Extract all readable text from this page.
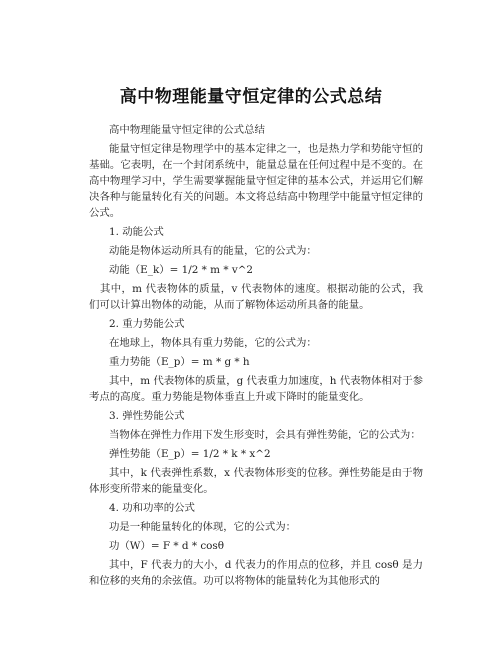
高中物理能量守恒定律的公式总结

高中物理能量守恒定律的公式总结

能量守恒定律是物理学中的基本定律之一，也是热力学和势能守恒的基础。它表明，在一个封闭系统中，能量总量在任何过程中是不变的。在高中物理学习中，学生需要掌握能量守恒定律的基本公式，并运用它们解决各种与能量转化有关的问题。本文将总结高中物理学中能量守恒定律的公式。

1. 动能公式

动能是物体运动所具有的能量，它的公式为：

动能（E_k）= 1/2 * m * v^2

其中，m 代表物体的质量，v 代表物体的速度。根据动能的公式，我们可以计算出物体的动能，从而了解物体运动所具备的能量。

2. 重力势能公式

在地球上，物体具有重力势能，它的公式为：

重力势能（E_p）= m * g * h

其中，m 代表物体的质量，g 代表重力加速度，h 代表物体相对于参考点的高度。重力势能是物体垂直上升或下降时的能量变化。

3. 弹性势能公式

当物体在弹性力作用下发生形变时，会具有弹性势能，它的公式为：

弹性势能（E_p）= 1/2 * k * x^2

其中，k 代表弹性系数，x 代表物体形变的位移。弹性势能是由于物体形变所带来的能量变化。

4. 功和功率的公式

功是一种能量转化的体现，它的公式为：

功（W）= F * d * cosθ

其中，F 代表力的大小，d 代表力的作用点的位移，并且 cosθ 是力和位移的夹角的余弦值。功可以将物体的能量转化为其他形式的
